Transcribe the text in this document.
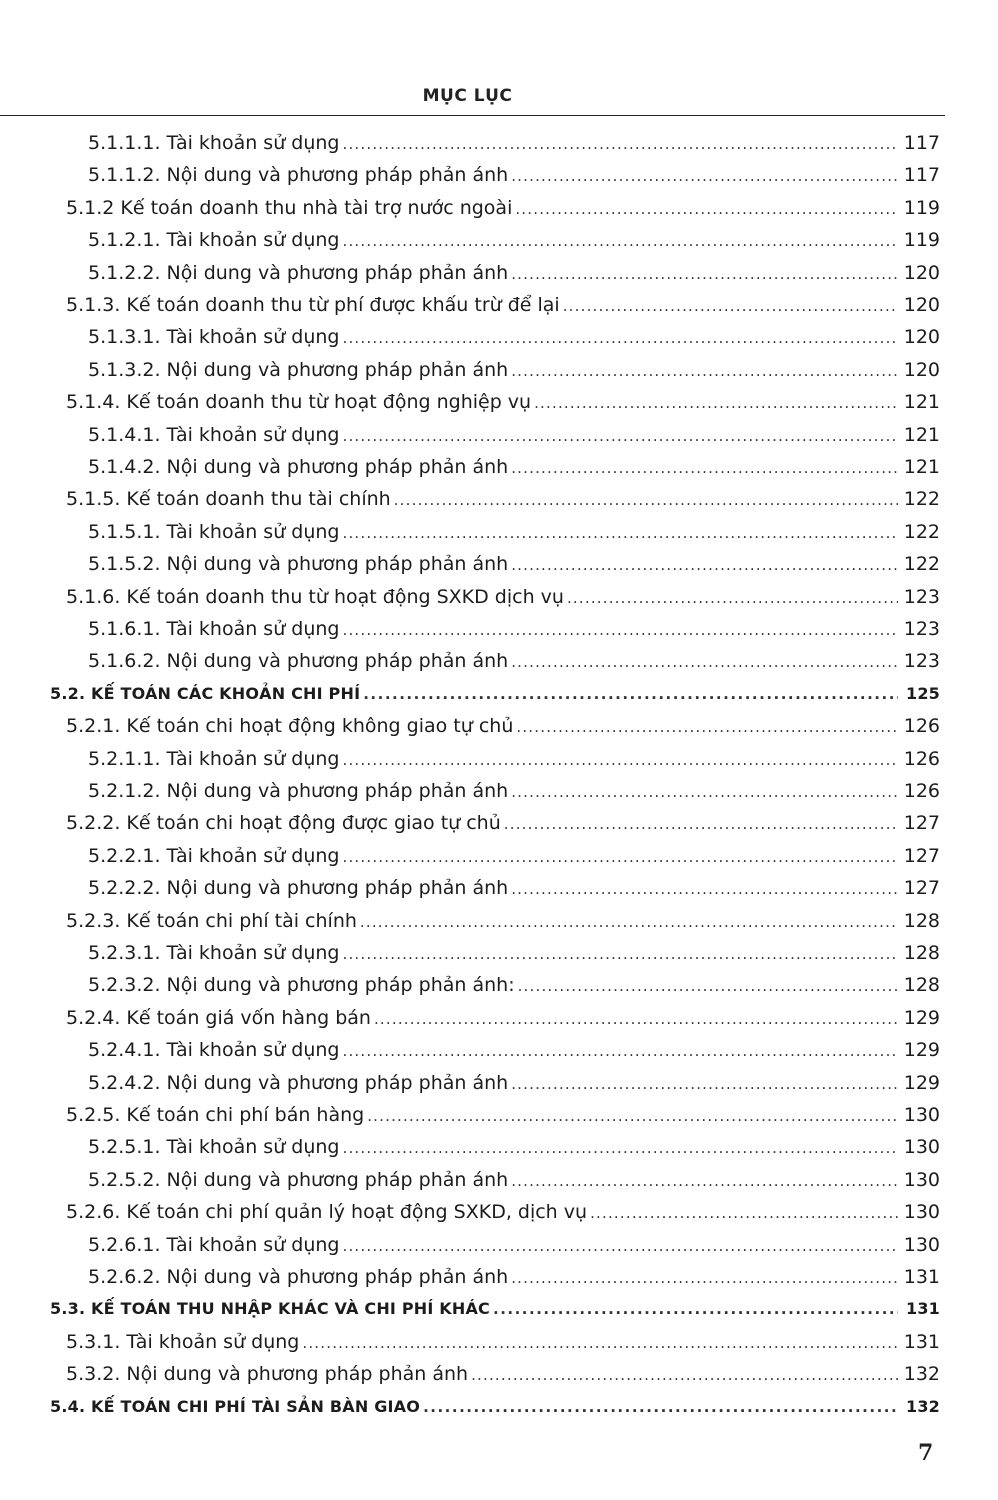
MỤC LỤC
5.1.1.1. Tài khoản sử dụng .....	117
5.1.1.2. Nội dung và phương pháp phản ánh .....	117
5.1.2 Kế toán doanh thu nhà tài trợ nước ngoài .....	119
5.1.2.1. Tài khoản sử dụng .....	119
5.1.2.2. Nội dung và phương pháp phản ánh .....	120
5.1.3. Kế toán doanh thu từ phí được khấu trừ để lại .....	120
5.1.3.1. Tài khoản sử dụng .....	120
5.1.3.2. Nội dung và phương pháp phản ánh .....	120
5.1.4. Kế toán doanh thu từ hoạt động nghiệp vụ .....	121
5.1.4.1. Tài khoản sử dụng .....	121
5.1.4.2. Nội dung và phương pháp phản ánh .....	121
5.1.5. Kế toán doanh thu tài chính .....	122
5.1.5.1. Tài khoản sử dụng .....	122
5.1.5.2. Nội dung và phương pháp phản ánh .....	122
5.1.6. Kế toán doanh thu từ hoạt động SXKD dịch vụ .....	123
5.1.6.1. Tài khoản sử dụng .....	123
5.1.6.2. Nội dung và phương pháp phản ánh .....	123
5.2. KẾ TOÁN CÁC KHOẢN CHI PHÍ .....	125
5.2.1. Kế toán chi hoạt động không giao tự chủ .....	126
5.2.1.1. Tài khoản sử dụng .....	126
5.2.1.2. Nội dung và phương pháp phản ánh .....	126
5.2.2. Kế toán chi hoạt động được giao tự chủ .....	127
5.2.2.1. Tài khoản sử dụng .....	127
5.2.2.2. Nội dung và phương pháp phản ánh .....	127
5.2.3. Kế toán chi phí tài chính .....	128
5.2.3.1. Tài khoản sử dụng .....	128
5.2.3.2. Nội dung và phương pháp phản ánh: .....	128
5.2.4. Kế toán giá vốn hàng bán .....	129
5.2.4.1. Tài khoản sử dụng .....	129
5.2.4.2. Nội dung và phương pháp phản ánh .....	129
5.2.5. Kế toán chi phí bán hàng .....	130
5.2.5.1. Tài khoản sử dụng .....	130
5.2.5.2. Nội dung và phương pháp phản ánh .....	130
5.2.6. Kế toán chi phí quản lý hoạt động SXKD, dịch vụ .....	130
5.2.6.1. Tài khoản sử dụng .....	130
5.2.6.2. Nội dung và phương pháp phản ánh .....	131
5.3. KẾ TOÁN THU NHẬP KHÁC VÀ CHI PHÍ KHÁC .....	131
5.3.1. Tài khoản sử dụng .....	131
5.3.2. Nội dung và phương pháp phản ánh .....	132
5.4. KẾ TOÁN CHI PHÍ TÀI SẢN BÀN GIAO .....	132
7
